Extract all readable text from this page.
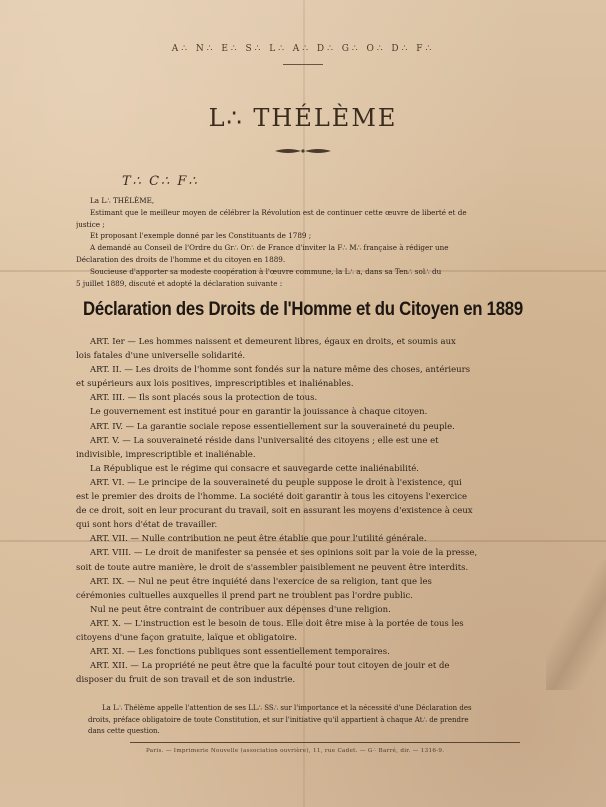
A∴ N∴ E∴ S∴ L∴ A∴ D∴ G∴ O∴ D∴ F∴
L∴ THÉLÈME
T∴ C∴ F∴
La L∴ THÉLÈME,
Estimant que le meilleur moyen de célébrer la Révolution est de continuer cette œuvre de liberté et de
justice ;
Et proposant l'exemple donné par les Constituants de 1789 ;
A demandé au Conseil de l'Ordre du Gr∴ Or∴ de France d'inviter la F∴ M∴ française à rédiger une
Déclaration des droits de l'homme et du citoyen en 1889.
Soucieuse d'apporter sa modeste coopération à l'œuvre commune, la L∴ a, dans sa Ten∴ sol∴ du
5 juillet 1889, discuté et adopté la déclaration suivante :
Déclaration des Droits de l'Homme et du Citoyen en 1889
ART. Ier — Les hommes naissent et demeurent libres, égaux en droits, et soumis aux
lois fatales d'une universelle solidarité.
ART. II. — Les droits de l'homme sont fondés sur la nature même des choses, antérieurs
et supérieurs aux lois positives, imprescriptibles et inaliénables.
ART. III. — Ils sont placés sous la protection de tous.
Le gouvernement est institué pour en garantir la jouissance à chaque citoyen.
ART. IV. — La garantie sociale repose essentiellement sur la souveraineté du peuple.
ART. V. — La souveraineté réside dans l'universalité des citoyens ; elle est une et
indivisible, imprescriptible et inaliénable.
La République est le régime qui consacre et sauvegarde cette inaliénabilité.
ART. VI. — Le principe de la souveraineté du peuple suppose le droit à l'existence, qui
est le premier des droits de l'homme. La société doit garantir à tous les citoyens l'exercice
de ce droit, soit en leur procurant du travail, soit en assurant les moyens d'existence à ceux
qui sont hors d'état de travailler.
ART. VII. — Nulle contribution ne peut être établie que pour l'utilité générale.
ART. VIII. — Le droit de manifester sa pensée et ses opinions soit par la voie de la presse,
soit de toute autre manière, le droit de s'assembler paisiblement ne peuvent être interdits.
ART. IX. — Nul ne peut être inquiété dans l'exercice de sa religion, tant que les
cérémonies cultuelles auxquelles il prend part ne troublent pas l'ordre public.
Nul ne peut être contraint de contribuer aux dépenses d'une religion.
ART. X. — L'instruction est le besoin de tous. Elle doit être mise à la portée de tous les
citoyens d'une façon gratuite, laïque et obligatoire.
ART. XI. — Les fonctions publiques sont essentiellement temporaires.
ART. XII. — La propriété ne peut être que la faculté pour tout citoyen de jouir et de
disposer du fruit de son travail et de son industrie.
La L∴ Thélème appelle l'attention de ses LL∴ SS∴ sur l'importance et la nécessité d'une Déclaration des
droits, préface obligatoire de toute Constitution, et sur l'initiative qu'il appartient à chaque At∴ de prendre
dans cette question.
Paris. — Imprimerie Nouvelle (association ouvrière), 11, rue Cadet. — G∴ Barré, dir. — 1316-9.
